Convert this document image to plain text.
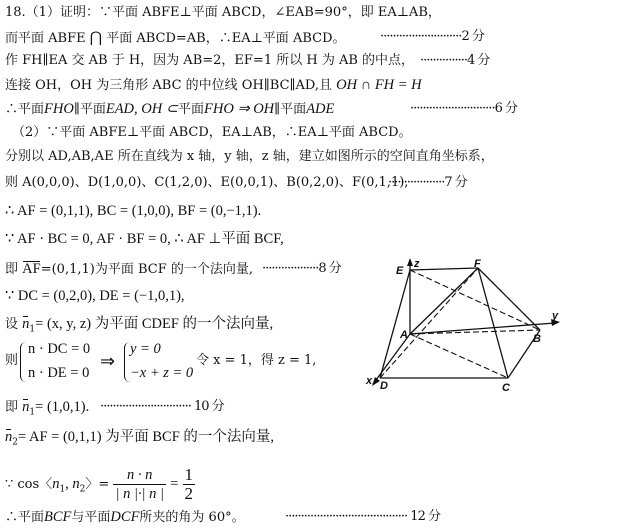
18.（1）证明：∵平面 ABFE⊥平面 ABCD，∠EAB=90°，即 EA⊥AB，
而平面 ABFE ⋂ 平面 ABCD=AB，∴EA⊥平面 ABCD。	··························2 分
作 FH∥EA 交 AB 于 H，因为 AB=2，EF=1 所以 H 为 AB 的中点， ···············4 分
连接 OH，OH 为三角形 ABC 的中位线 OH∥BC∥AD,且 OH ∩ FH = H
∴平面FHO∥平面EAD, OH ⊂平面FHO ⇒ OH∥平面ADE	···························6 分
（2）∵平面 ABFE⊥平面 ABCD，EA⊥AB，∴EA⊥平面 ABCD。
分别以 AD,AB,AE 所在直线为 x 轴，y 轴，z 轴，建立如图所示的空间直角坐标系，
则 A(0,0,0)、D(1,0,0)、C(1,2,0)、E(0,0,1)、B(0,2,0)、F(0,1,1),
··················7 分
∴ AF = (0,1,1), BC = (1,0,0), BF = (0,−1,1).
∵ AF · BC = 0, AF · BF = 0, ∴ AF ⊥平面 BCF,
即 AF=(0,1,1)为平面 BCF 的一个法向量, ··················8 分
∵ DC = (0,2,0), DE = (−1,0,1),
设 $n_1= (x$, y, z) 为平面 CDEF 的一个法向量,
则
n · DC = 0
n · DE = 0
⇒
y = 0
−x + z = 0
令 x = 1，得 z = 1,
即 $n_1= (1,0,1)$. ····························· 10 分
$n_2=$ AF = (0,1,1) 为平面 BCF 的一个法向量,
∵ cos〈$n_1$, $n_2$〉= $\frac{n \cdot n}{| n |\cdot| n |} = \frac{1}{2}$
∴平面BCF与平面DCF所夹的角为 60°。	······································· 12 分
E
z	F
y
A	B
x D	C
